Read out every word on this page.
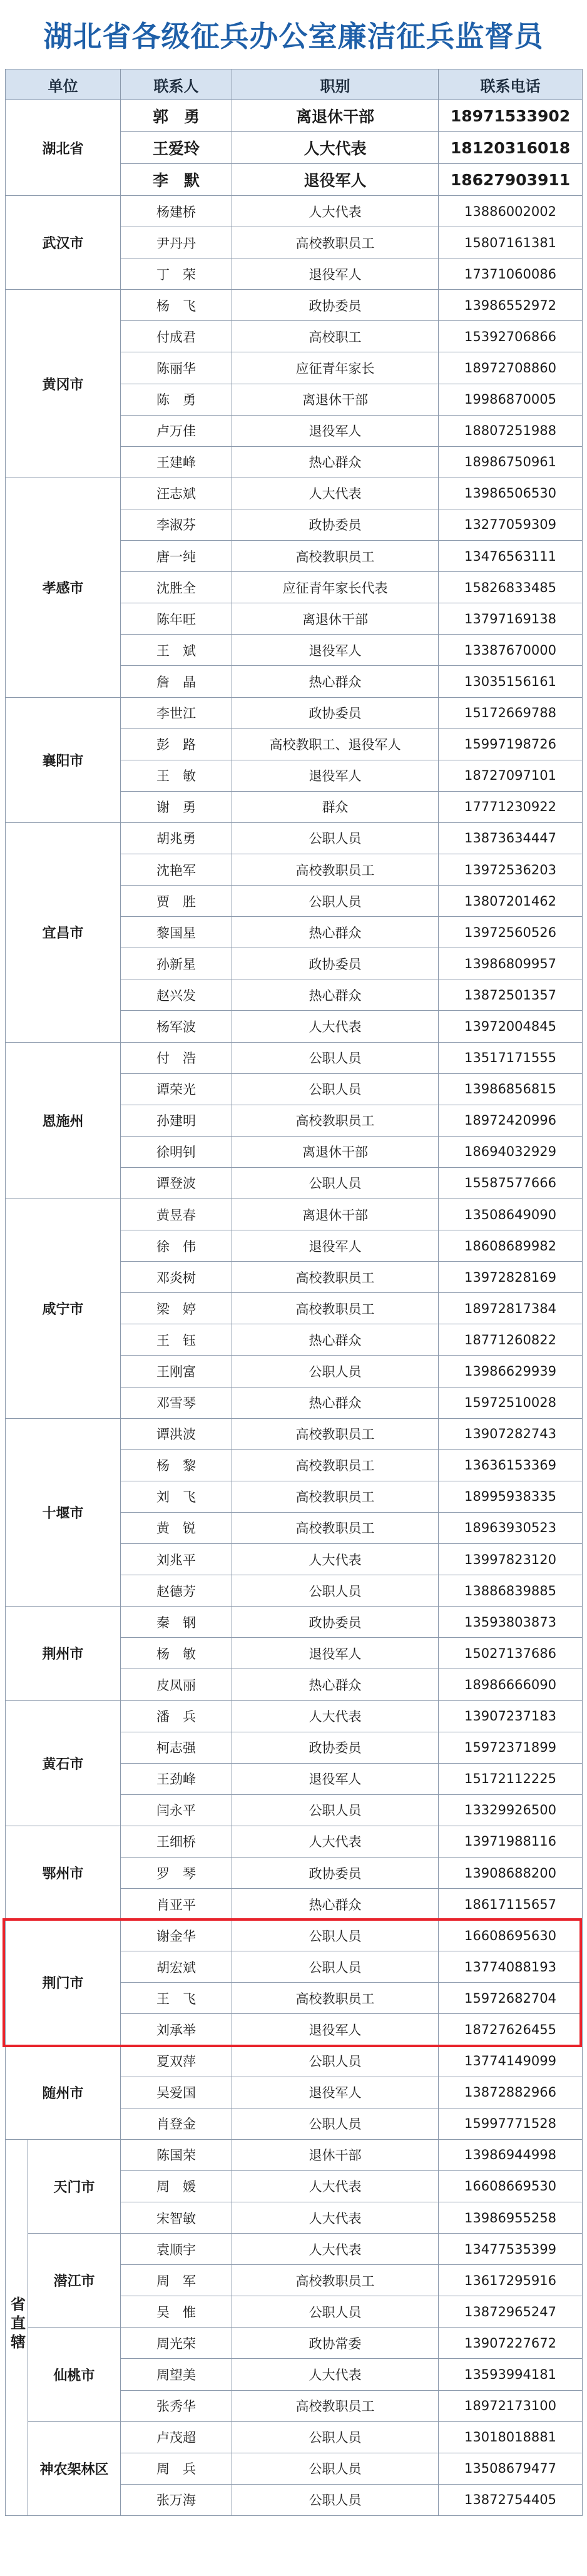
湖北省各级征兵办公室廉洁征兵监督员
单位		联系人	职别	联系电话
湖北省		郭　勇	离退休干部	18971533902
		王爱玲	人大代表	18120316018
		李　默	退役军人	18627903911
武汉市		杨建桥	人大代表	13886002002
		尹丹丹	高校教职员工	15807161381
		丁　荣	退役军人	17371060086
黄冈市		杨　飞	政协委员	13986552972
		付成君	高校职工	15392706866
		陈丽华	应征青年家长	18972708860
		陈　勇	离退休干部	19986870005
		卢万佳	退役军人	18807251988
		王建峰	热心群众	18986750961
孝感市		汪志斌	人大代表	13986506530
		李淑芬	政协委员	13277059309
		唐一纯	高校教职员工	13476563111
		沈胜全	应征青年家长代表	15826833485
		陈年旺	离退休干部	13797169138
		王　斌	退役军人	13387670000
		詹　晶	热心群众	13035156161
襄阳市		李世江	政协委员	15172669788
		彭　路	高校教职工、退役军人	15997198726
		王　敏	退役军人	18727097101
		谢　勇	群众	17771230922
宜昌市		胡兆勇	公职人员	13873634447
		沈艳军	高校教职员工	13972536203
		贾　胜	公职人员	13807201462
		黎国星	热心群众	13972560526
		孙新星	政协委员	13986809957
		赵兴发	热心群众	13872501357
		杨军波	人大代表	13972004845
恩施州		付　浩	公职人员	13517171555
		谭荣光	公职人员	13986856815
		孙建明	高校教职员工	18972420996
		徐明钊	离退休干部	18694032929
		谭登波	公职人员	15587577666
咸宁市		黄昱春	离退休干部	13508649090
		徐　伟	退役军人	18608689982
		邓炎树	高校教职员工	13972828169
		梁　婷	高校教职员工	18972817384
		王　钰	热心群众	18771260822
		王刚富	公职人员	13986629939
		邓雪琴	热心群众	15972510028
十堰市		谭洪波	高校教职员工	13907282743
		杨　黎	高校教职员工	13636153369
		刘　飞	高校教职员工	18995938335
		黄　锐	高校教职员工	18963930523
		刘兆平	人大代表	13997823120
		赵德芳	公职人员	13886839885
荆州市		秦　钢	政协委员	13593803873
		杨　敏	退役军人	15027137686
		皮凤丽	热心群众	18986666090
黄石市		潘　兵	人大代表	13907237183
		柯志强	政协委员	15972371899
		王劲峰	退役军人	15172112225
		闫永平	公职人员	13329926500
鄂州市		王细桥	人大代表	13971988116
		罗　琴	政协委员	13908688200
		肖亚平	热心群众	18617115657
荆门市		谢金华	公职人员	16608695630
		胡宏斌	公职人员	13774088193
		王　飞	高校教职员工	15972682704
		刘承举	退役军人	18727626455
随州市		夏双萍	公职人员	13774149099
		吴爱国	退役军人	13872882966
		肖登金	公职人员	15997771528
省直辖	天门市	陈国荣	退休干部	13986944998
		周　媛	人大代表	16608669530
		宋智敏	人大代表	13986955258
	潜江市	袁顺宇	人大代表	13477535399
		周　军	高校教职员工	13617295916
		吴　惟	公职人员	13872965247
	仙桃市	周光荣	政协常委	13907227672
		周望美	人大代表	13593994181
		张秀华	高校教职员工	18972173100
	神农架林区	卢茂超	公职人员	13018018881
		周　兵	公职人员	13508679477
		张万海	公职人员	13872754405
